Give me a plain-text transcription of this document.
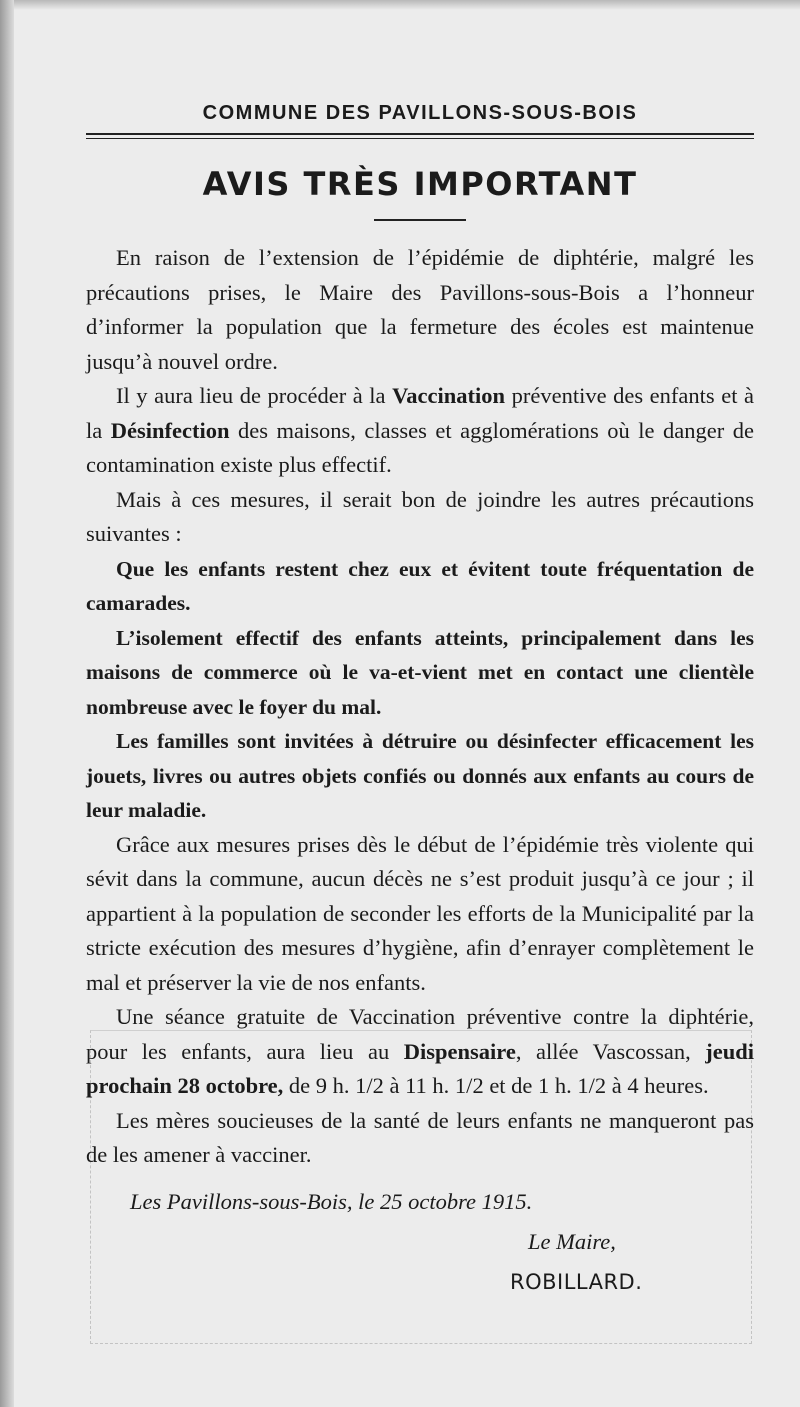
COMMUNE DES PAVILLONS-SOUS-BOIS
AVIS TRÈS IMPORTANT

En raison de l’extension de l’épidémie de diphtérie, malgré les précautions prises, le Maire des Pavillons-sous-Bois a l’honneur d’informer la population que la fermeture des écoles est maintenue jusqu’à nouvel ordre.

Il y aura lieu de procéder à la Vaccination préventive des enfants et à la Désinfection des maisons, classes et agglomérations où le danger de contamination existe plus effectif.

Mais à ces mesures, il serait bon de joindre les autres précautions suivantes :

Que les enfants restent chez eux et évitent toute fréquentation de camarades.

L’isolement effectif des enfants atteints, principalement dans les maisons de commerce où le va-et-vient met en contact une clientèle nombreuse avec le foyer du mal.

Les familles sont invitées à détruire ou désinfecter efficacement les jouets, livres ou autres objets confiés ou donnés aux enfants au cours de leur maladie.

Grâce aux mesures prises dès le début de l’épidémie très violente qui sévit dans la commune, aucun décès ne s’est produit jusqu’à ce jour ; il appartient à la population de seconder les efforts de la Municipalité par la stricte exécution des mesures d’hygiène, afin d’enrayer complètement le mal et préserver la vie de nos enfants.

Une séance gratuite de Vaccination préventive contre la diphtérie, pour les enfants, aura lieu au Dispensaire, allée Vascossan, jeudi prochain 28 octobre, de 9 h. 1/2 à 11 h. 1/2 et de 1 h. 1/2 à 4 heures.

Les mères soucieuses de la santé de leurs enfants ne manqueront pas de les amener à vacciner.

Les Pavillons-sous-Bois, le 25 octobre 1915.
Le Maire,
ROBILLARD.
